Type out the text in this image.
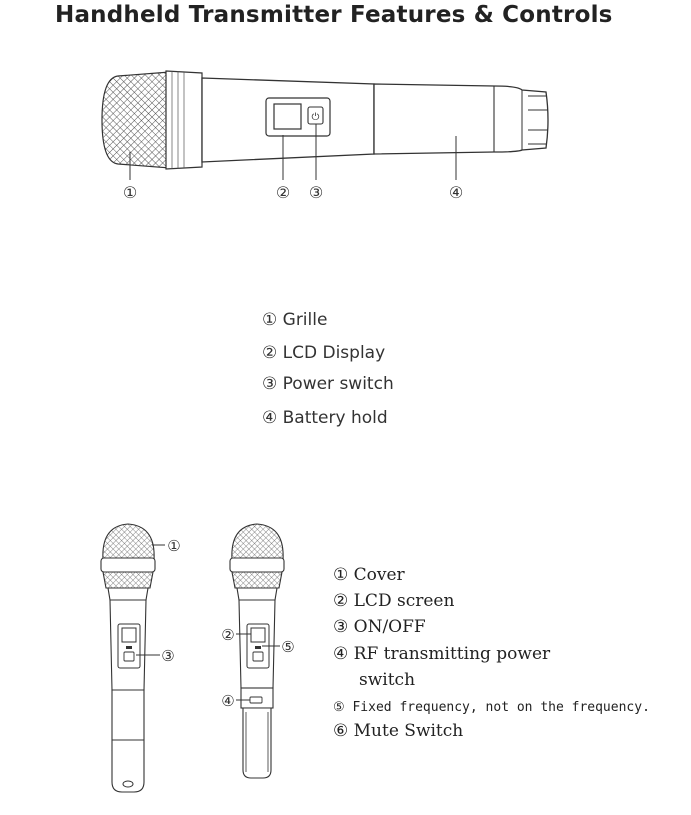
Handheld Transmitter Features & Controls
⏻
①	② ③	④
① Grille
② LCD Display
③ Power switch
④ Battery hold
①
③
②
⑤
④
① Cover
② LCD screen
③ ON/OFF
④ RF transmitting power
switch
⑤ Fixed frequency, not on the frequency.
⑥ Mute Switch
